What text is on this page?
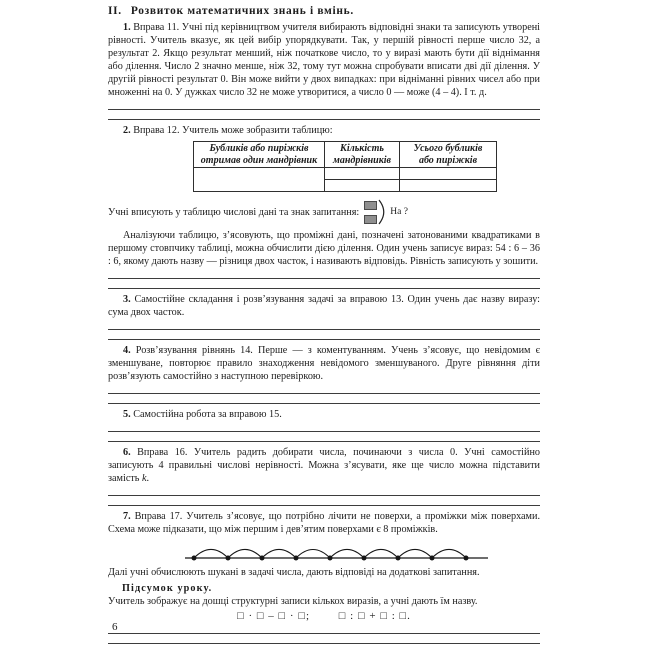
II. Розвиток математичних знань і вмінь.

1. Вправа 11. Учні під керівництвом учителя вибирають відповідні знаки та записують утворені рівності. Учитель вказує, як цей вибір упорядкувати. Так, у першій рівності перше число 32, а результат 2. Якщо результат менший, ніж початкове число, то у виразі мають бути дії віднімання або ділення. Число 2 значно менше, ніж 32, тому тут можна спробувати вписати дві дії ділення. У другій рівності результат 0. Він може вийти у двох випадках: при відніманні рівних чисел або при множенні на 0. У дужках число 32 не може утворитися, а число 0 — може (4 – 4). І т. д.

2. Вправа 12. Учитель може зобразити таблицю:

Бубликів або пиріжків отримав один мандрівник	Кількість мандрівників	Усього бубликів або пиріжків

Учні вписують у таблицю числові дані та знак запитання:	На ?

Аналізуючи таблицю, з’ясовують, що проміжні дані, позначені затонованими квадратиками в першому стовпчику таблиці, можна обчислити дією ділення. Один учень записує вираз: 54 : 6 – 36 : 6, якому дають назву — різниця двох часток, і називають відповідь. Рівність записують у зошити.

3. Самостійне складання і розв’язування задачі за вправою 13. Один учень дає назву виразу: сума двох часток.

4. Розв’язування рівнянь 14. Перше — з коментуванням. Учень з’ясовує, що невідомим є зменшуване, повторює правило знаходження невідомого зменшуваного. Друге рівняння діти розв’язують самостійно з наступною перевіркою.

5. Самостійна робота за вправою 15.

6. Вправа 16. Учитель радить добирати числа, починаючи з числа 0. Учні самостійно записують 4 правильні числові нерівності. Можна з’ясувати, яке ще число можна підставити замість k.

7. Вправа 17. Учитель з’ясовує, що потрібно лічити не поверхи, а проміжки між поверхами. Схема може підказати, що між першим і дев’ятим поверхами є 8 проміжків.

Далі учні обчислюють шукані в задачі числа, дають відповіді на додаткові запитання.

Підсумок уроку.

Учитель зображує на дошці структурні записи кількох виразів, а учні дають їм назву.

□ · □ – □ · □;	□ : □ + □ : □.
6
